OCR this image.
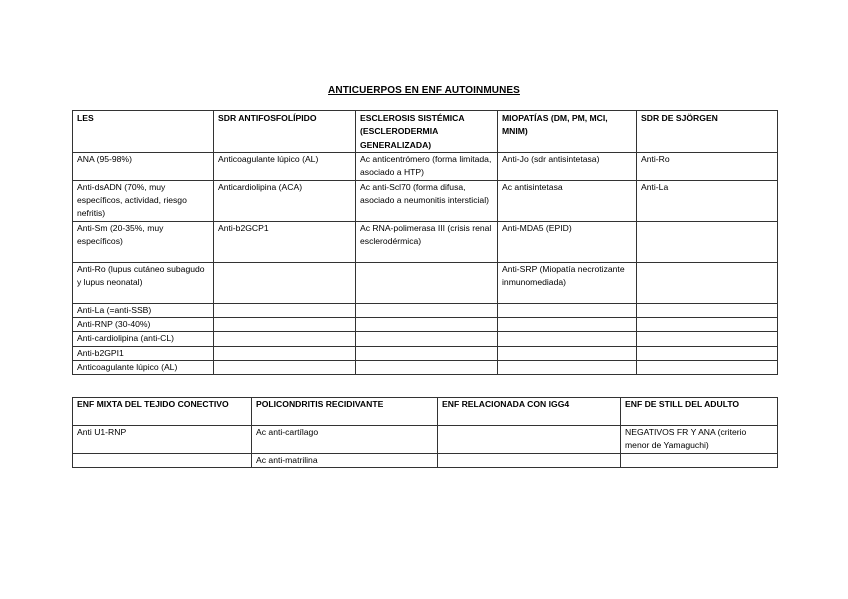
ANTICUERPOS EN ENF AUTOINMUNES
LES	SDR ANTIFOSFOLÍPIDO	ESCLEROSIS SISTÉMICA (ESCLERODERMIA GENERALIZADA)	MIOPATÍAS (DM, PM, MCI, MNIM)	SDR DE SJÖRGEN
ANA (95-98%)	Anticoagulante lúpico (AL)	Ac anticentrómero (forma limitada, asociado a HTP)	Anti-Jo (sdr antisintetasa)	Anti-Ro
Anti-dsADN (70%, muy específicos, actividad, riesgo nefritis)	Anticardiolipina (ACA)	Ac anti-Scl70 (forma difusa, asociado a neumonitis intersticial)	Ac antisintetasa	Anti-La
Anti-Sm (20-35%, muy específicos)	Anti-b2GCP1	Ac RNA-polimerasa III (crisis renal esclerodérmica)	Anti-MDA5 (EPID)	
Anti-Ro (lupus cutáneo subagudo y lupus neonatal)			Anti-SRP (Miopatía necrotizante inmunomediada)	
Anti-La (=anti-SSB)				
Anti-RNP (30-40%)				
Anti-cardiolipina (anti-CL)				
Anti-b2GPI1				
Anticoagulante lúpico (AL)				
ENF MIXTA DEL TEJIDO CONECTIVO	POLICONDRITIS RECIDIVANTE	ENF RELACIONADA CON IGG4	ENF DE STILL DEL ADULTO
Anti U1-RNP	Ac anti-cartílago		NEGATIVOS FR Y ANA (criterio menor de Yamaguchi)
	Ac anti-matrilina		
